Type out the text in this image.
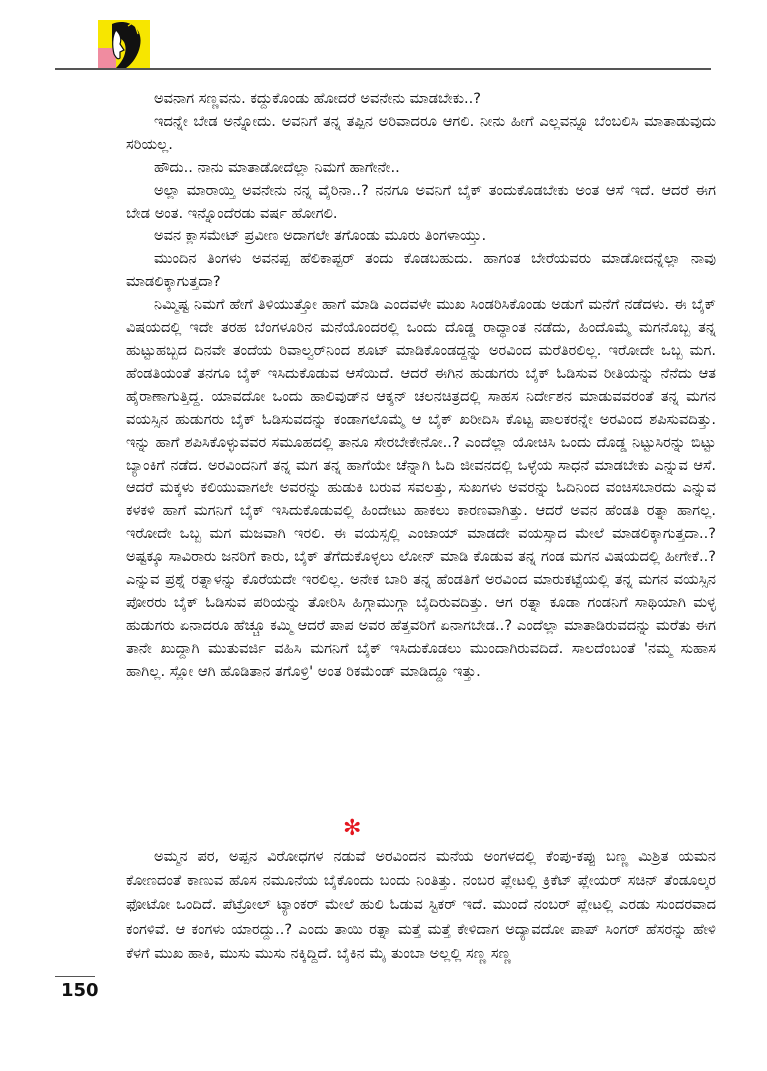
ಅವನಾಗ ಸಣ್ಣವನು. ಕದ್ದುಕೊಂಡು ಹೋದರೆ ಅವನೇನು ಮಾಡಬೇಕು..?

ಇದನ್ನೇ ಬೇಡ ಅನ್ನೋದು. ಅವನಿಗೆ ತನ್ನ ತಪ್ಪಿನ ಅರಿವಾದರೂ ಆಗಲಿ. ನೀನು ಹೀಗೆ ಎಲ್ಲವನ್ನೂ ಬೆಂಬಲಿಸಿ ಮಾತಾಡುವುದು ಸರಿಯಲ್ಲ.

ಹೌದು.. ನಾನು ಮಾತಾಡೋದೆಲ್ಲಾ ನಿಮಗೆ ಹಾಗೇನೇ..

ಅಲ್ಲಾ ಮಾರಾಯ್ತಿ ಅವನೇನು ನನ್ನ ವೈರಿನಾ..? ನನಗೂ ಅವನಿಗೆ ಬೈಕ್ ತಂದುಕೊಡಬೇಕು ಅಂತ ಆಸೆ ಇದೆ. ಆದರೆ ಈಗ ಬೇಡ ಅಂತ. ಇನ್ನೊಂದೆರಡು ವರ್ಷ ಹೋಗಲಿ.

ಅವನ ಕ್ಲಾಸಮೇಟ್ ಪ್ರವೀಣ ಅದಾಗಲೇ ತಗೊಂಡು ಮೂರು ತಿಂಗಳಾಯ್ತು.

ಮುಂದಿನ ತಿಂಗಳು ಅವನಪ್ಪ ಹೆಲಿಕಾಪ್ಟರ್ ತಂದು ಕೊಡಬಹುದು. ಹಾಗಂತ ಬೇರೆಯವರು ಮಾಡೋದನ್ನೆಲ್ಲಾ ನಾವು ಮಾಡಲಿಕ್ಕಾಗುತ್ತದಾ?

ನಿಮ್ಮಿಷ್ಟ ನಿಮಗೆ ಹೇಗೆ ತಿಳಿಯುತ್ತೋ ಹಾಗೆ ಮಾಡಿ ಎಂದವಳೇ ಮುಖ ಸಿಂಡರಿಸಿಕೊಂಡು ಅಡುಗೆ ಮನೆಗೆ ನಡೆದಳು. ಈ ಬೈಕ್ ವಿಷಯದಲ್ಲಿ ಇದೇ ತರಹ ಬೆಂಗಳೂರಿನ ಮನೆಯೊಂದರಲ್ಲಿ ಒಂದು ದೊಡ್ಡ ರಾದ್ಧಾಂತ ನಡೆದು, ಹಿಂದೊಮ್ಮೆ ಮಗನೊಬ್ಬ ತನ್ನ ಹುಟ್ಟುಹಬ್ಬದ ದಿನವೇ ತಂದೆಯ ರಿವಾಲ್ವರ್‌ನಿಂದ ಶೂಟ್ ಮಾಡಿಕೊಂಡದ್ದನ್ನು ಅರವಿಂದ ಮರೆತಿರಲಿಲ್ಲ. ಇರೋದೇ ಒಬ್ಬ ಮಗ. ಹೆಂಡತಿಯಂತೆ ತನಗೂ ಬೈಕ್ ಇಸಿದುಕೊಡುವ ಆಸೆಯಿದೆ. ಆದರೆ ಈಗಿನ ಹುಡುಗರು ಬೈಕ್ ಓಡಿಸುವ ರೀತಿಯನ್ನು ನೆನೆದು ಆತ ಹೈರಾಣಾಗುತ್ತಿದ್ದ. ಯಾವದೋ ಒಂದು ಹಾಲಿವುಡ್‌ನ ಆಕ್ಶನ್ ಚಲನಚಿತ್ರದಲ್ಲಿ ಸಾಹಸ ನಿರ್ದೇಶನ ಮಾಡುವವರಂತೆ ತನ್ನ ಮಗನ ವಯಸ್ಸಿನ ಹುಡುಗರು ಬೈಕ್ ಓಡಿಸುವದನ್ನು ಕಂಡಾಗಲೊಮ್ಮೆ ಆ ಬೈಕ್ ಖರೀದಿಸಿ ಕೊಟ್ಟ ಪಾಲಕರನ್ನೇ ಅರವಿಂದ ಶಪಿಸುವದಿತ್ತು. ಇನ್ನು ಹಾಗೆ ಶಪಿಸಿಕೊಳ್ಳುವವರ ಸಮೂಹದಲ್ಲಿ ತಾನೂ ಸೇರಬೇಕೇನೋ..? ಎಂದೆಲ್ಲಾ ಯೋಚಿಸಿ ಒಂದು ದೊಡ್ಡ ನಿಟ್ಟುಸಿರನ್ನು ಬಿಟ್ಟು ಬ್ಯಾಂಕಿಗೆ ನಡೆದ. ಅರವಿಂದನಿಗೆ ತನ್ನ ಮಗ ತನ್ನ ಹಾಗೆಯೇ ಚೆನ್ನಾಗಿ ಓದಿ ಜೀವನದಲ್ಲಿ ಒಳ್ಳೆಯ ಸಾಧನೆ ಮಾಡಬೇಕು ಎನ್ನುವ ಆಸೆ. ಆದರೆ ಮಕ್ಕಳು ಕಲಿಯುವಾಗಲೇ ಅವರನ್ನು ಹುಡುಕಿ ಬರುವ ಸವಲತ್ತು, ಸುಖಗಳು ಅವರನ್ನು ಓದಿನಿಂದ ವಂಚಿಸಬಾರದು ಎನ್ನುವ ಕಳಕಳಿ ಹಾಗೆ ಮಗನಿಗೆ ಬೈಕ್ ಇಸಿದುಕೊಡುವಲ್ಲಿ ಹಿಂದೇಟು ಹಾಕಲು ಕಾರಣವಾಗಿತ್ತು. ಆದರೆ ಅವನ ಹೆಂಡತಿ ರತ್ನಾ ಹಾಗಲ್ಲ. ಇರೋದೇ ಒಬ್ಬ ಮಗ ಮಜವಾಗಿ ಇರಲಿ. ಈ ವಯಸ್ಸಲ್ಲಿ ಎಂಜಾಯ್ ಮಾಡದೇ ವಯಸ್ಸಾದ ಮೇಲೆ ಮಾಡಲಿಕ್ಕಾಗುತ್ತದಾ..? ಅಷ್ಟಕ್ಕೂ ಸಾವಿರಾರು ಜನರಿಗೆ ಕಾರು, ಬೈಕ್ ತೆಗೆದುಕೊಳ್ಳಲು ಲೋನ್ ಮಾಡಿ ಕೊಡುವ ತನ್ನ ಗಂಡ ಮಗನ ವಿಷಯದಲ್ಲಿ ಹೀಗೇಕೆ..? ಎನ್ನುವ ಪ್ರಶ್ನೆ ರತ್ನಾಳನ್ನು ಕೊರೆಯದೇ ಇರಲಿಲ್ಲ. ಅನೇಕ ಬಾರಿ ತನ್ನ ಹೆಂಡತಿಗೆ ಅರವಿಂದ ಮಾರುಕಟ್ಟೆಯಲ್ಲಿ ತನ್ನ ಮಗನ ವಯಸ್ಸಿನ ಪೋರರು ಬೈಕ್ ಓಡಿಸುವ ಪರಿಯನ್ನು ತೋರಿಸಿ ಹಿಗ್ಗಾಮುಗ್ಗಾ ಬೈದಿರುವದಿತ್ತು. ಆಗ ರತ್ನಾ ಕೂಡಾ ಗಂಡನಿಗೆ ಸಾಥಿಯಾಗಿ ಮಳ್ಳ ಹುಡುಗರು ಏನಾದರೂ ಹೆಚ್ಚೂ ಕಮ್ಮಿ ಆದರೆ ಪಾಪ ಅವರ ಹೆತ್ತವರಿಗೆ ಏನಾಗಬೇಡ..? ಎಂದೆಲ್ಲಾ ಮಾತಾಡಿರುವದನ್ನು ಮರೆತು ಈಗ ತಾನೇ ಖುದ್ದಾಗಿ ಮುತುವರ್ಜಿ ವಹಿಸಿ ಮಗನಿಗೆ ಬೈಕ್ ಇಸಿದುಕೊಡಲು ಮುಂದಾಗಿರುವದಿದೆ. ಸಾಲದೆಂಬಂತೆ 'ನಮ್ಮ ಸುಹಾಸ ಹಾಗಿಲ್ಲ. ಸ್ಲೋ ಆಗಿ ಹೊಡಿತಾನ ತಗೊಳ್ರಿ' ಅಂತ ರಿಕಮೆಂಡ್ ಮಾಡಿದ್ದೂ ಇತ್ತು.

✻

ಅಮ್ಮನ ಪರ, ಅಪ್ಪನ ವಿರೋಧಗಳ ನಡುವೆ ಅರವಿಂದನ ಮನೆಯ ಅಂಗಳದಲ್ಲಿ ಕೆಂಪು-ಕಪ್ಪು ಬಣ್ಣ ಮಿಶ್ರಿತ ಯಮನ ಕೋಣದಂತೆ ಕಾಣುವ ಹೊಸ ನಮೂನೆಯ ಬೈಕೊಂದು ಬಂದು ನಿಂತಿತ್ತು. ನಂಬರ ಪ್ಲೇಟಲ್ಲಿ ಕ್ರಿಕೆಟ್ ಪ್ಲೇಯರ್ ಸಚಿನ್ ತೆಂಡೂಲ್ಕರ ಫೋಟೋ ಒಂದಿದೆ. ಪೆಟ್ರೋಲ್ ಟ್ಯಾಂಕರ್ ಮೇಲೆ ಹುಲಿ ಓಡುವ ಸ್ಟಿಕರ್ ಇದೆ. ಮುಂದೆ ನಂಬರ್ ಪ್ಲೇಟಲ್ಲಿ ಎರಡು ಸುಂದರವಾದ ಕಂಗಳಿವೆ. ಆ ಕಂಗಳು ಯಾರದ್ದು..? ಎಂದು ತಾಯಿ ರತ್ನಾ ಮತ್ತೆ ಮತ್ತೆ ಕೇಳಿದಾಗ ಅದ್ಯಾವದೋ ಪಾಪ್ ಸಿಂಗರ್ ಹೆಸರನ್ನು ಹೇಳಿ ಕೆಳಗೆ ಮುಖ ಹಾಕಿ, ಮುಸು ಮುಸು ನಕ್ಕಿದ್ದಿದೆ. ಬೈಕಿನ ಮೈ ತುಂಬಾ ಅಲ್ಲಲ್ಲಿ ಸಣ್ಣ ಸಣ್ಣ

150
